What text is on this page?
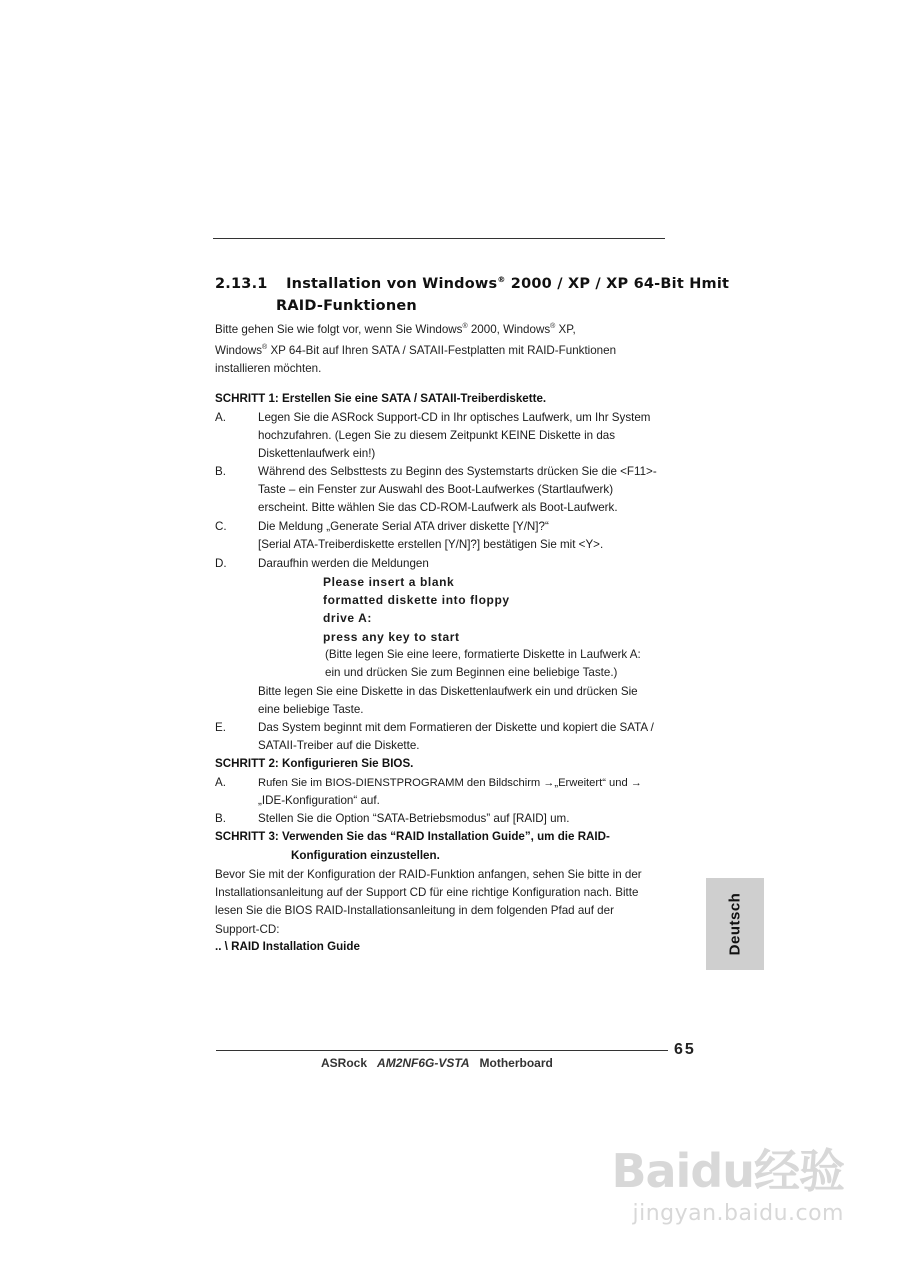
2.13.1 Installation von Windows® 2000 / XP / XP 64-Bit Hmit
RAID-Funktionen
Bitte gehen Sie wie folgt vor, wenn Sie Windows® 2000, Windows® XP,
Windows® XP 64-Bit auf Ihren SATA / SATAII-Festplatten mit RAID-Funktionen
installieren möchten.
SCHRITT 1: Erstellen Sie eine SATA / SATAII-Treiberdiskette.
A.	Legen Sie die ASRock Support-CD in Ihr optisches Laufwerk, um Ihr System
hochzufahren. (Legen Sie zu diesem Zeitpunkt KEINE Diskette in das
Diskettenlaufwerk ein!)
B.	Während des Selbsttests zu Beginn des Systemstarts drücken Sie die <F11>-
Taste – ein Fenster zur Auswahl des Boot-Laufwerkes (Startlaufwerk)
erscheint. Bitte wählen Sie das CD-ROM-Laufwerk als Boot-Laufwerk.
C.	Die Meldung „Generate Serial ATA driver diskette [Y/N]?“
[Serial ATA-Treiberdiskette erstellen [Y/N]?] bestätigen Sie mit <Y>.
D.	Daraufhin werden die Meldungen
Please insert a blank
formatted diskette into floppy
drive A:
press any key to start
(Bitte legen Sie eine leere, formatierte Diskette in Laufwerk A:
ein und drücken Sie zum Beginnen eine beliebige Taste.)
Bitte legen Sie eine Diskette in das Diskettenlaufwerk ein und drücken Sie
eine beliebige Taste.
E.	Das System beginnt mit dem Formatieren der Diskette und kopiert die SATA /
SATAII-Treiber auf die Diskette.
SCHRITT 2: Konfigurieren Sie BIOS.
A.	Rufen Sie im BIOS-DIENSTPROGRAMM den Bildschirm →„Erweitert“ und →
„IDE-Konfiguration“ auf.
B.	Stellen Sie die Option “SATA-Betriebsmodus” auf [RAID] um.
SCHRITT 3: Verwenden Sie das “RAID Installation Guide”, um die RAID-
Konfiguration einzustellen.
Bevor Sie mit der Konfiguration der RAID-Funktion anfangen, sehen Sie bitte in der
Installationsanleitung auf der Support CD für eine richtige Konfiguration nach. Bitte
lesen Sie die BIOS RAID-Installationsanleitung in dem folgenden Pfad auf der
Support-CD:
.. \ RAID Installation Guide	Deutsch
65
ASRock AM2NF6G-VSTA Motherboard
Baidu经验
jingyan.baidu.com
